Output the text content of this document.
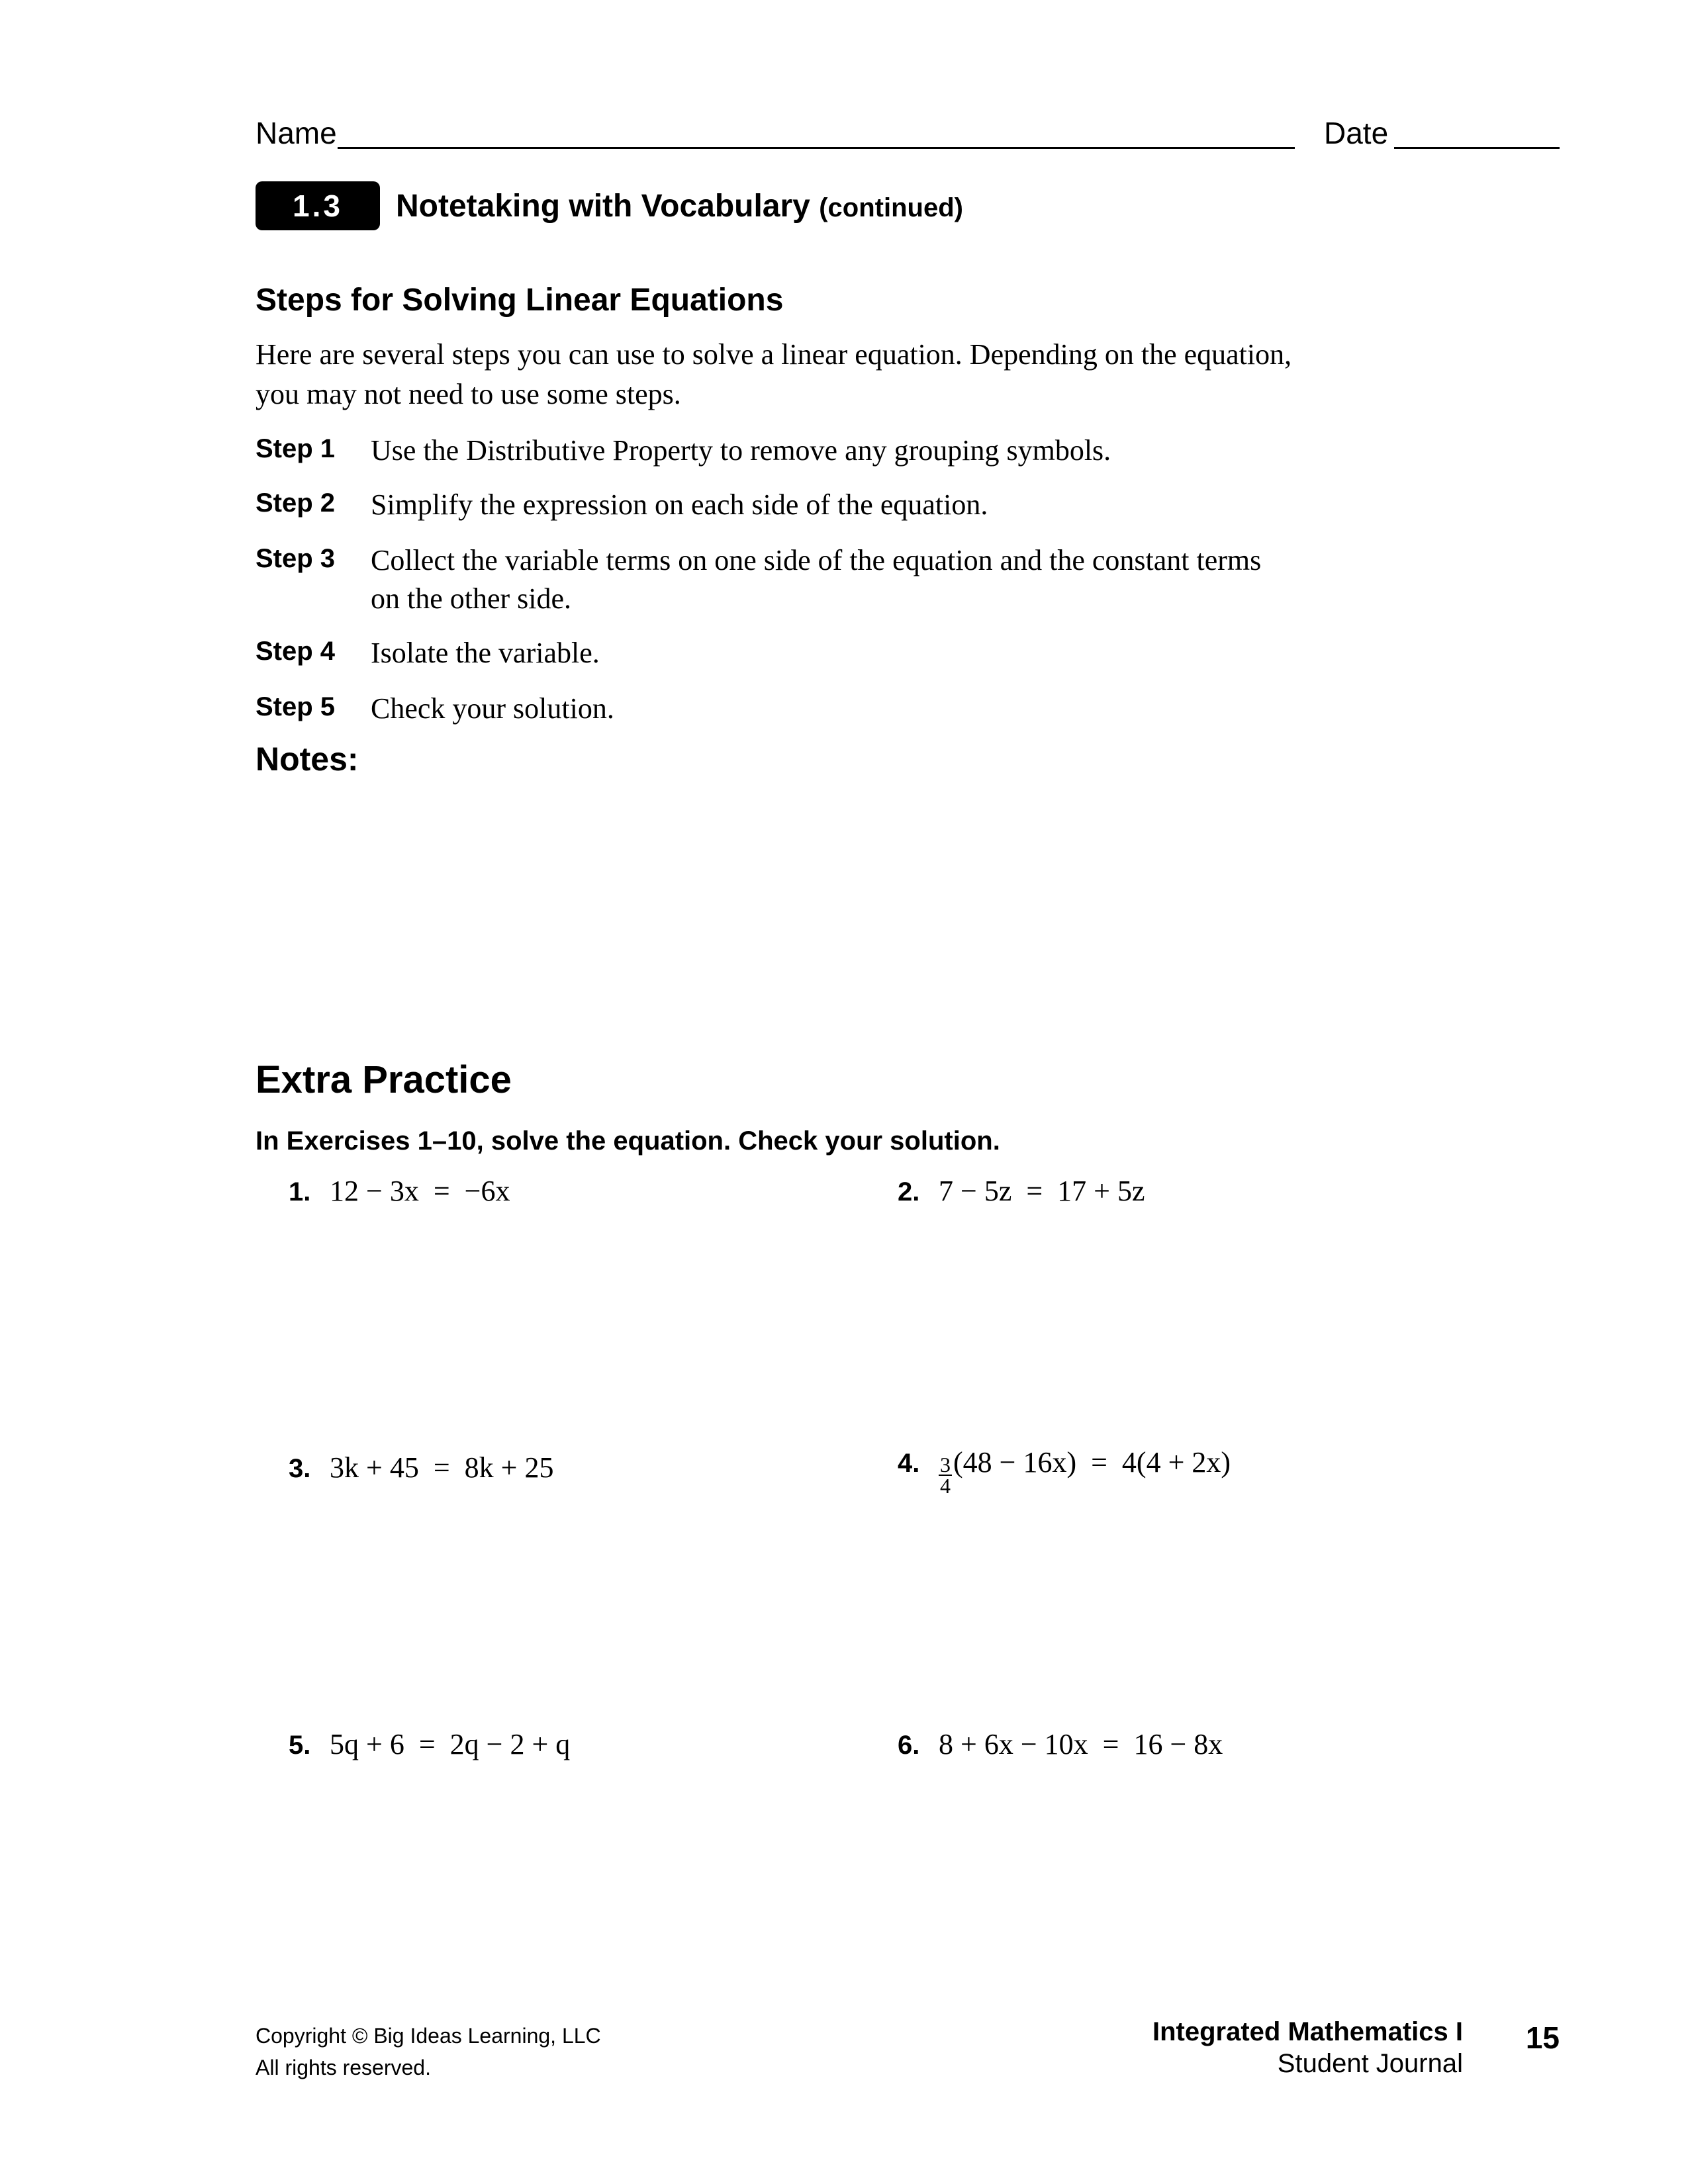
Name	Date
1.3	Notetaking with Vocabulary (continued)
Steps for Solving Linear Equations
Here are several steps you can use to solve a linear equation. Depending on the equation,
you may not need to use some steps.
Step 1	Use the Distributive Property to remove any grouping symbols.
Step 2	Simplify the expression on each side of the equation.
Step 3	Collect the variable terms on one side of the equation and the constant terms on the other side.
Step 4	Isolate the variable.
Step 5	Check your solution.
Notes:
Extra Practice
In Exercises 1–10, solve the equation. Check your solution.
1. 12 − 3x  =  −6x	2. 7 − 5z  =  17 + 5z
3. 3k + 45  =  8k + 25	4. $\frac{3}{4} (48 - 16x) = 4(4 + 2x)$
5. 5q + 6  =  2q − 2 + q	6. 8 + 6x − 10x  =  16 − 8x
Copyright © Big Ideas Learning, LLC
All rights reserved.
Integrated Mathematics I
Student Journal
15
